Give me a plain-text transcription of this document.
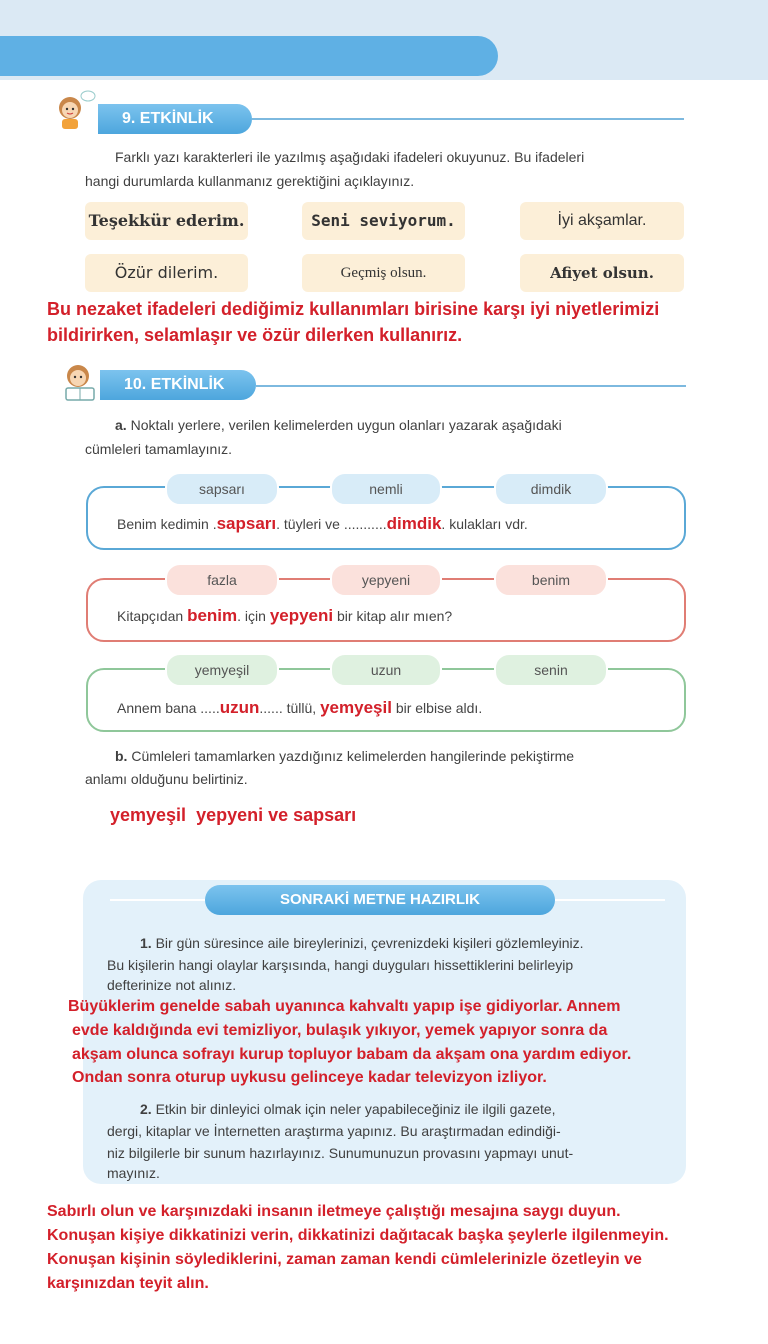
9. ETKİNLİK
Farklı yazı karakterleri ile yazılmış aşağıdaki ifadeleri okuyunuz. Bu ifadeleri
hangi durumlarda kullanmanız gerektiğini açıklayınız.
Teşekkür ederim.	Seni seviyorum.	İyi akşamlar.
Özür dilerim.	Geçmiş olsun.	Afiyet olsun.
Bu nezaket ifadeleri dediğimiz kullanımları birisine karşı iyi niyetlerimizi
bildirirken, selamlaşır ve özür dilerken kullanırız.
10. ETKİNLİK
a. Noktalı yerlere, verilen kelimelerden uygun olanları yazarak aşağıdaki
cümleleri tamamlayınız.
sapsarı	nemli	dimdik
Benim kedimin .sapsarı. tüyleri ve ...........dimdik. kulakları vdr.
fazla	yepyeni	benim
Kitapçıdan benim. için yepyeni bir kitap alır mıen?
yemyeşil	uzun	senin
Annem bana .....uzun...... tüllü, yemyeşil bir elbise aldı.
b. Cümleleri tamamlarken yazdığınız kelimelerden hangilerinde pekiştirme
anlamı olduğunu belirtiniz.
yemyeşil  yepyeni ve sapsarı
SONRAKİ METNE HAZIRLIK
1. Bir gün süresince aile bireylerinizi, çevrenizdeki kişileri gözlemleyiniz.
Bu kişilerin hangi olaylar karşısında, hangi duyguları hissettiklerini belirleyip
defterinize not alınız.
Büyüklerim genelde sabah uyanınca kahvaltı yapıp işe gidiyorlar. Annem
evde kaldığında evi temizliyor, bulaşık yıkıyor, yemek yapıyor sonra da
akşam olunca sofrayı kurup topluyor babam da akşam ona yardım ediyor.
Ondan sonra oturup uykusu gelinceye kadar televizyon izliyor.
2. Etkin bir dinleyici olmak için neler yapabileceğiniz ile ilgili gazete,
dergi, kitaplar ve İnternetten araştırma yapınız. Bu araştırmadan edindiği-
niz bilgilerle bir sunum hazırlayınız. Sunumunuzun provasını yapmayı unut-
mayınız.
Sabırlı olun ve karşınızdaki insanın iletmeye çalıştığı mesajına saygı duyun.
Konuşan kişiye dikkatinizi verin, dikkatinizi dağıtacak başka şeylerle ilgilenmeyin.
Konuşan kişinin söylediklerini, zaman zaman kendi cümlelerinizle özetleyin ve
karşınızdan teyit alın.
